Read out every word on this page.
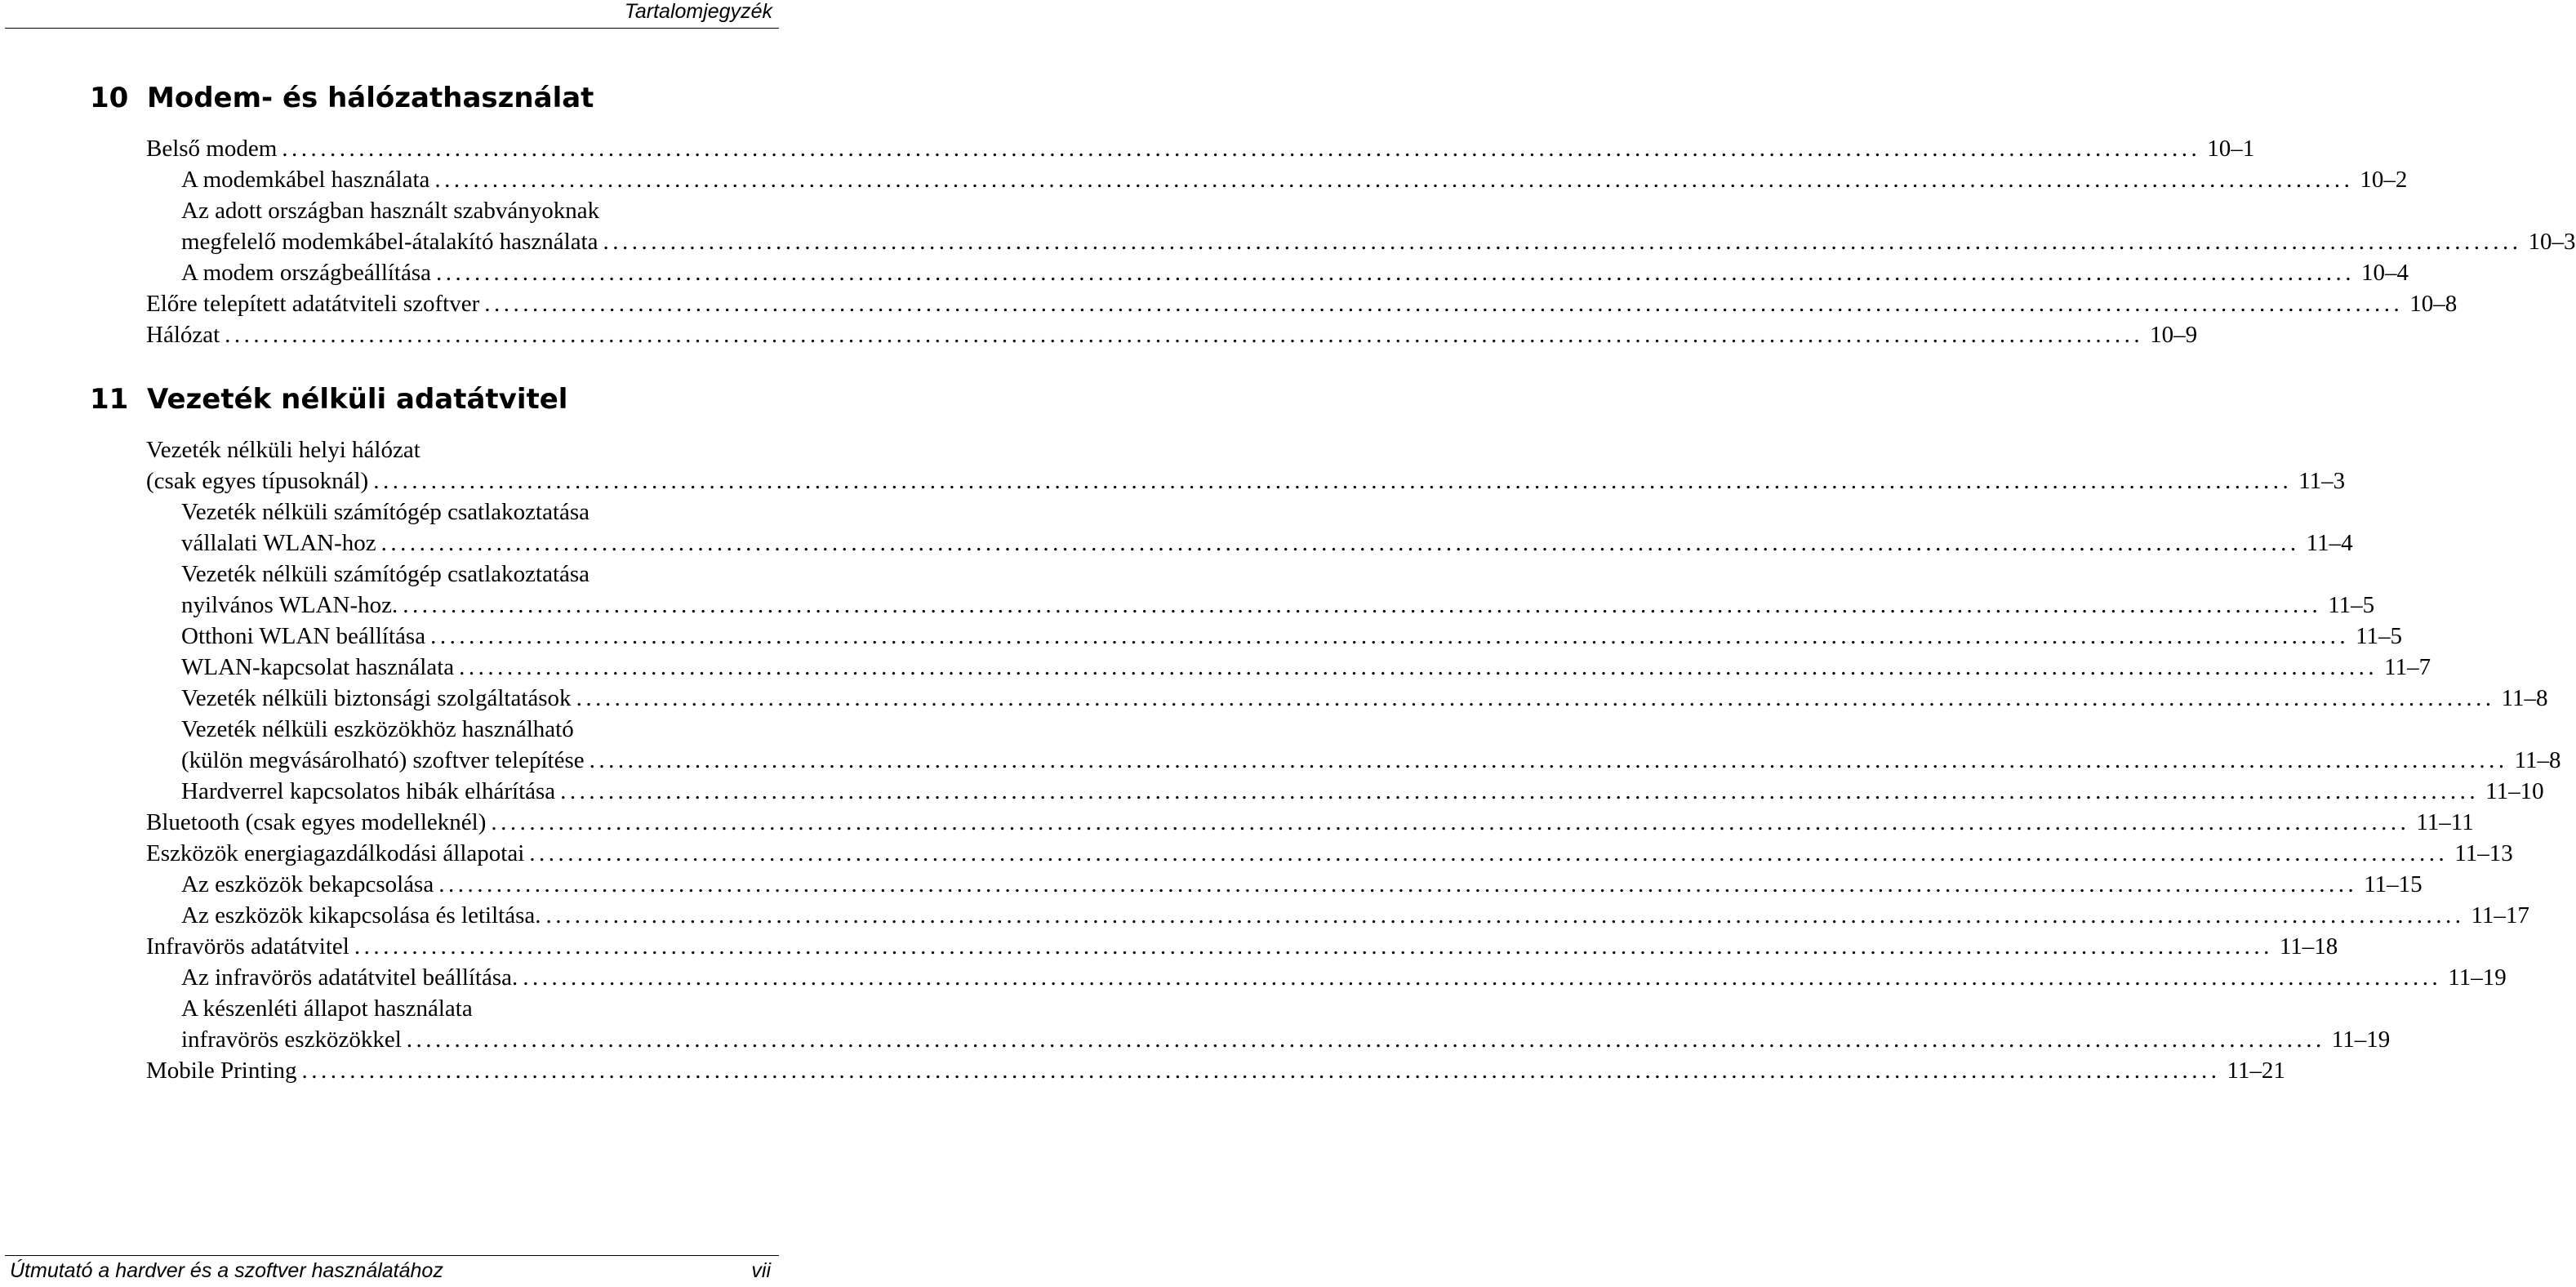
Tartalomjegyzék
10 Modem- és hálózathasználat
Belső modem ........................................................................................................................................................................................................ 10–1
A modemkábel használata ........................................................................................................................................................................................................ 10–2
Az adott országban használt szabványoknak
megfelelő modemkábel-átalakító használata ........................................................................................................................................................................................................ 10–3
A modem országbeállítása ........................................................................................................................................................................................................ 10–4
Előre telepített adatátviteli szoftver ........................................................................................................................................................................................................ 10–8
Hálózat ........................................................................................................................................................................................................ 10–9
11 Vezeték nélküli adatátvitel
Vezeték nélküli helyi hálózat
(csak egyes típusoknál) ........................................................................................................................................................................................................ 11–3
Vezeték nélküli számítógép csatlakoztatása
vállalati WLAN-hoz ........................................................................................................................................................................................................ 11–4
Vezeték nélküli számítógép csatlakoztatása
nyilvános WLAN-hoz. ........................................................................................................................................................................................................ 11–5
Otthoni WLAN beállítása ........................................................................................................................................................................................................ 11–5
WLAN-kapcsolat használata ........................................................................................................................................................................................................ 11–7
Vezeték nélküli biztonsági szolgáltatások ........................................................................................................................................................................................................ 11–8
Vezeték nélküli eszközökhöz használható
(külön megvásárolható) szoftver telepítése ........................................................................................................................................................................................................ 11–8
Hardverrel kapcsolatos hibák elhárítása ........................................................................................................................................................................................................ 11–10
Bluetooth (csak egyes modelleknél) ........................................................................................................................................................................................................ 11–11
Eszközök energiagazdálkodási állapotai ........................................................................................................................................................................................................ 11–13
Az eszközök bekapcsolása ........................................................................................................................................................................................................ 11–15
Az eszközök kikapcsolása és letiltása. ........................................................................................................................................................................................................ 11–17
Infravörös adatátvitel ........................................................................................................................................................................................................ 11–18
Az infravörös adatátvitel beállítása. ........................................................................................................................................................................................................ 11–19
A készenléti állapot használata
infravörös eszközökkel ........................................................................................................................................................................................................ 11–19
Mobile Printing ........................................................................................................................................................................................................ 11–21
Útmutató a hardver és a szoftver használatához	vii
